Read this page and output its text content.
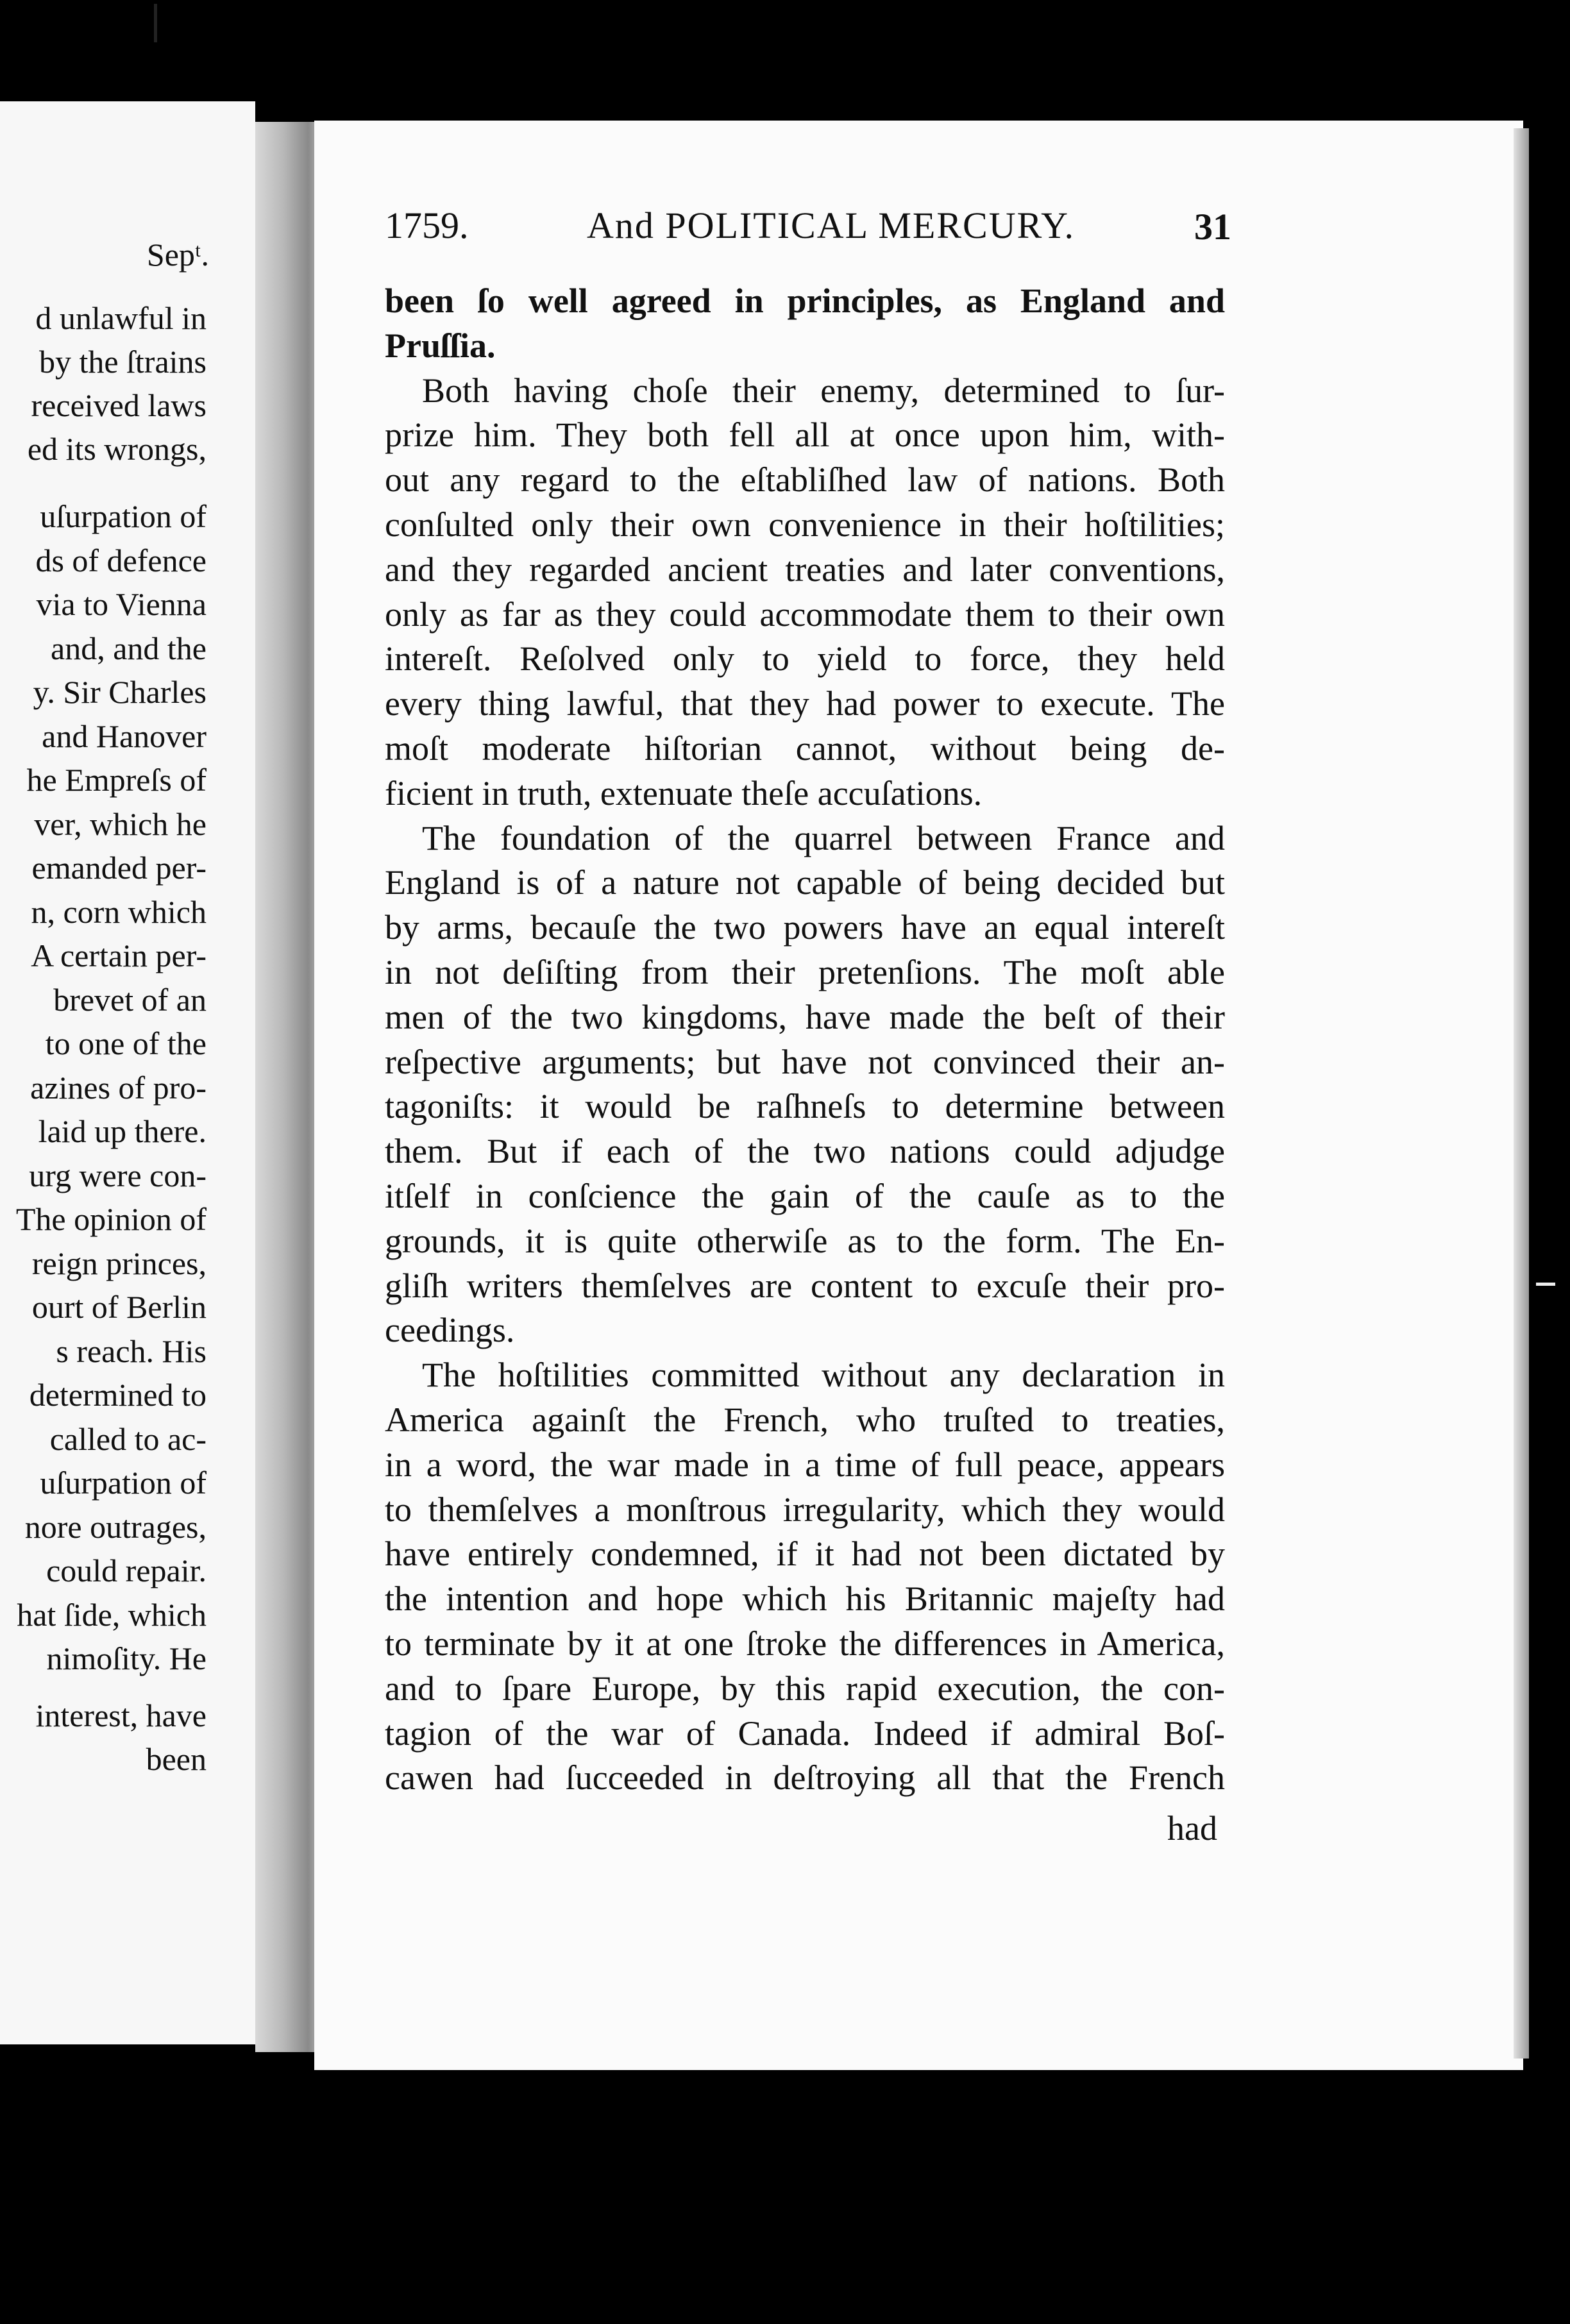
Sepᵗ.

d unlawful in

by the ſtrains

received laws

ed its wrongs,

uſurpation of

ds of defence

via to Vienna

and, and the

y. Sir Charles

and Hanover

he Empreſs of

ver, which he

emanded per-

n, corn which

A certain per-

brevet of an

to one of the

azines of pro-

laid up there.

urg were con-

The opinion of

reign princes,

ourt of Berlin

s reach. His

determined to

called to ac-

uſurpation of

nore outrages,

could repair.

hat ſide, which

nimoſity. He

interest, have

been

1759.	And POLITICAL MERCURY.	31

been ſo well agreed in principles, as England and

Pruſſia.

Both having choſe their enemy, determined to ſur-

prize him. They both fell all at once upon him, with-

out any regard to the eſtabliſhed law of nations. Both

conſulted only their own convenience in their hoſtilities;

and they regarded ancient treaties and later conventions,

only as far as they could accommodate them to their own

intereſt. Reſolved only to yield to force, they held

every thing lawful, that they had power to execute. The

moſt moderate hiſtorian cannot, without being de-

ficient in truth, extenuate theſe accuſations.

The foundation of the quarrel between France and

England is of a nature not capable of being decided but

by arms, becauſe the two powers have an equal intereſt

in not deſiſting from their pretenſions. The moſt able

men of the two kingdoms, have made the beſt of their

reſpective arguments; but have not convinced their an-

tagoniſts: it would be raſhneſs to determine between

them. But if each of the two nations could adjudge

itſelf in conſcience the gain of the cauſe as to the

grounds, it is quite otherwiſe as to the form. The En-

gliſh writers themſelves are content to excuſe their pro-

ceedings.

The hoſtilities committed without any declaration in

America againſt the French, who truſted to treaties,

in a word, the war made in a time of full peace, appears

to themſelves a monſtrous irregularity, which they would

have entirely condemned, if it had not been dictated by

the intention and hope which his Britannic majeſty had

to terminate by it at one ſtroke the differences in America,

and to ſpare Europe, by this rapid execution, the con-

tagion of the war of Canada. Indeed if admiral Boſ-

cawen had ſucceeded in deſtroying all that the French

had
